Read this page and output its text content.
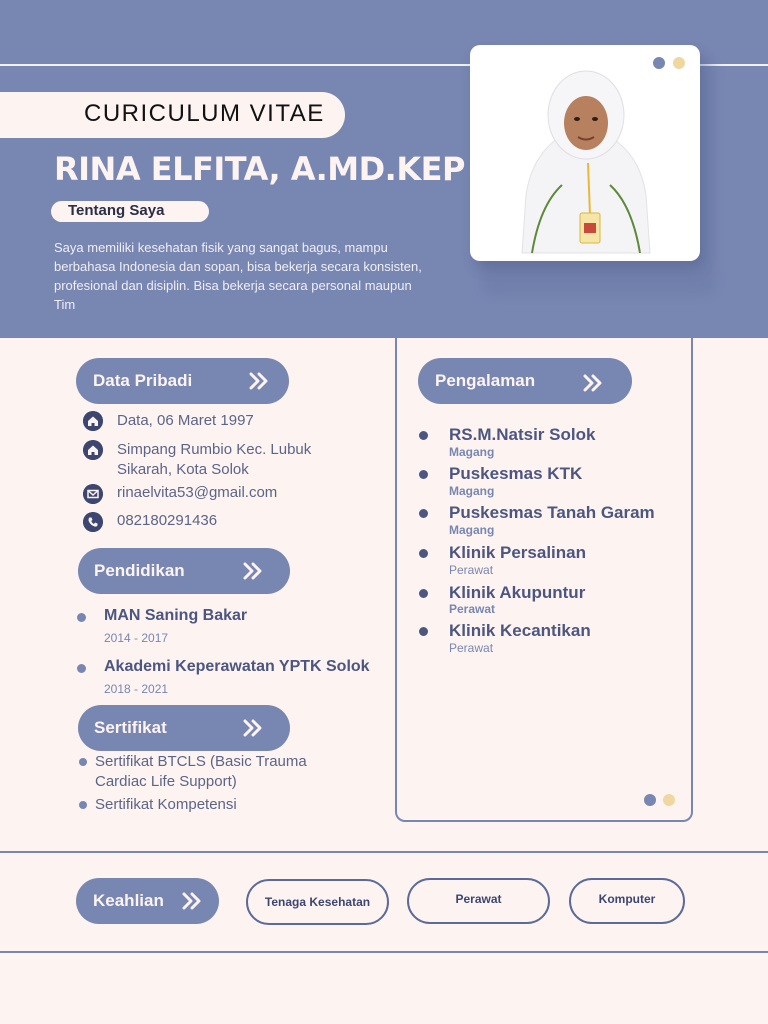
CURICULUM VITAE
RINA ELFITA, A.MD.KEP
Tentang Saya
Saya memiliki kesehatan fisik yang sangat bagus, mampu berbahasa Indonesia dan sopan, bisa bekerja secara konsisten, profesional dan disiplin. Bisa bekerja secara personal maupun Tim
Data Pribadi
Data, 06 Maret 1997
Simpang Rumbio Kec. Lubuk
Sikarah, Kota Solok
rinaelvita53@gmail.com
082180291436
Pendidikan
MAN Saning Bakar
2014 - 2017
Akademi Keperawatan YPTK Solok
2018 - 2021
Sertifikat
Sertifikat BTCLS (Basic Trauma
Cardiac Life Support)
Sertifikat Kompetensi
Pengalaman
RS.M.Natsir Solok
Magang
Puskesmas KTK
Magang
Puskesmas Tanah Garam
Magang
Klinik Persalinan
Perawat
Klinik Akupuntur
Perawat
Klinik Kecantikan
Perawat
Keahlian	Tenaga Kesehatan	Perawat	Komputer
